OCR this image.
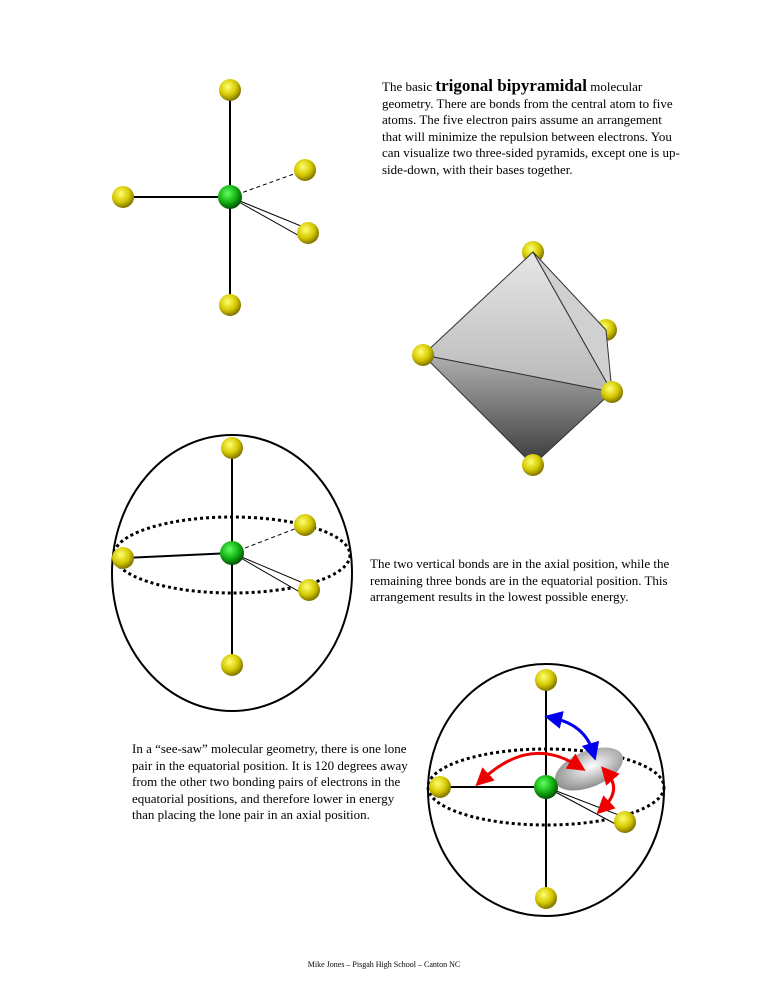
The basic trigonal bipyramidal molecular geometry. There are bonds from the central atom to five atoms. The five electron pairs assume an arrangement that will minimize the repulsion between electrons. You can visualize two three-sided pyramids, except one is up-side-down, with their bases together.
The two vertical bonds are in the axial position, while the remaining three bonds are in the equatorial position. This arrangement results in the lowest possible energy.
In a “see-saw” molecular geometry, there is one lone pair in the equatorial position. It is 120 degrees away from the other two bonding pairs of electrons in the equatorial positions, and therefore lower in energy than placing the lone pair in an axial position.
Mike Jones – Pisgah High School – Canton NC
